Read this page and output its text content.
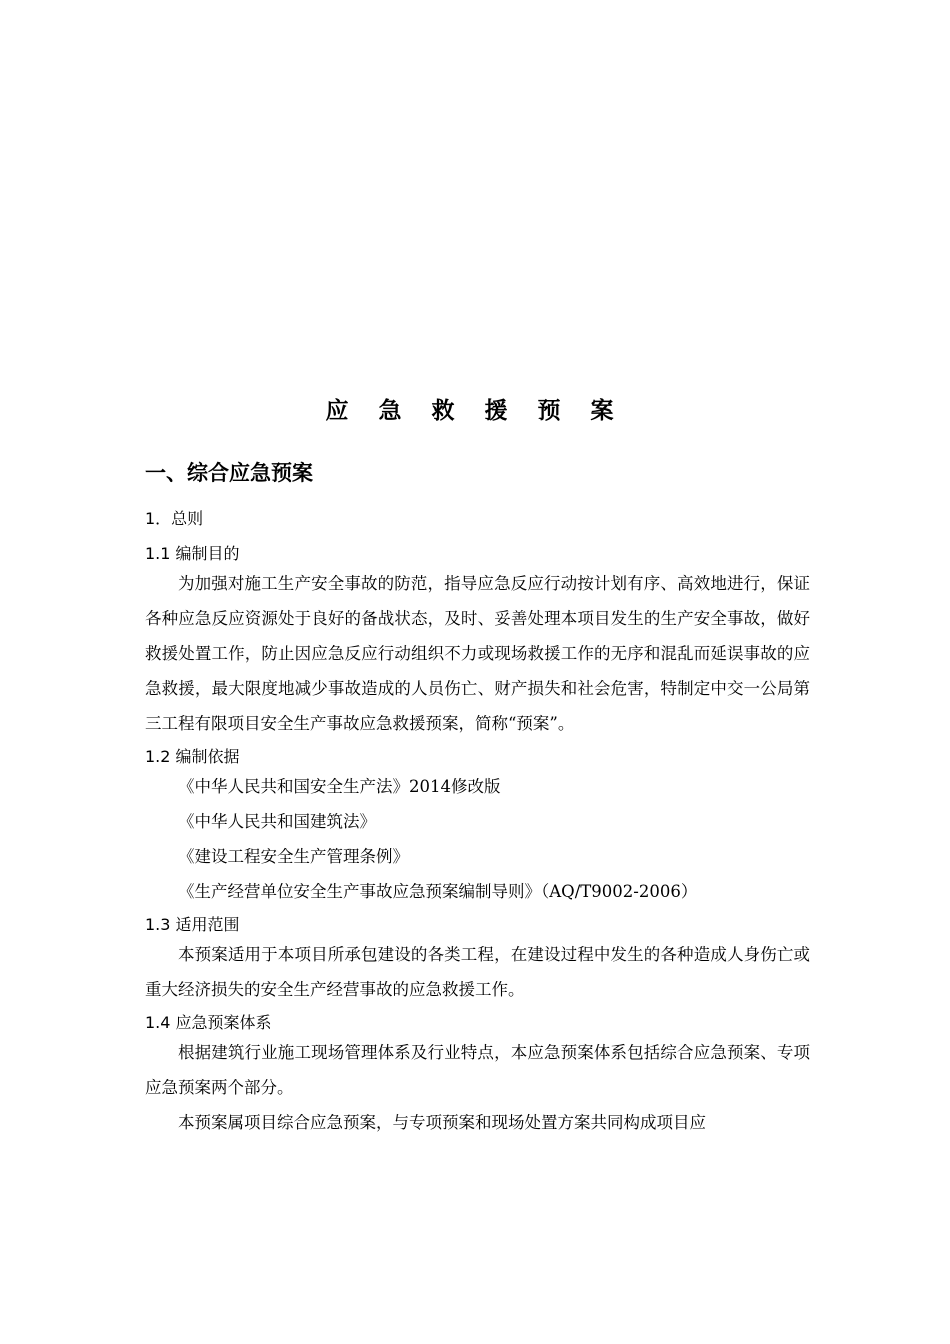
应 急 救 援 预 案
一、综合应急预案
1．总则
1.1 编制目的

为加强对施工生产安全事故的防范，指导应急反应行动按计划有序、高效地进行，保证各种应急反应资源处于良好的备战状态，及时、妥善处理本项目发生的生产安全事故，做好救援处置工作，防止因应急反应行动组织不力或现场救援工作的无序和混乱而延误事故的应急救援，最大限度地减少事故造成的人员伤亡、财产损失和社会危害，特制定中交一公局第三工程有限项目安全生产事故应急救援预案，简称“预案”。

1.2 编制依据

《中华人民共和国安全生产法》2014修改版

《中华人民共和国建筑法》

《建设工程安全生产管理条例》

《生产经营单位安全生产事故应急预案编制导则》（AQ/T9002-2006）

1.3 适用范围

本预案适用于本项目所承包建设的各类工程，在建设过程中发生的各种造成人身伤亡或重大经济损失的安全生产经营事故的应急救援工作。

1.4 应急预案体系

根据建筑行业施工现场管理体系及行业特点，本应急预案体系包括综合应急预案、专项应急预案两个部分。

本预案属项目综合应急预案，与专项预案和现场处置方案共同构成项目应
